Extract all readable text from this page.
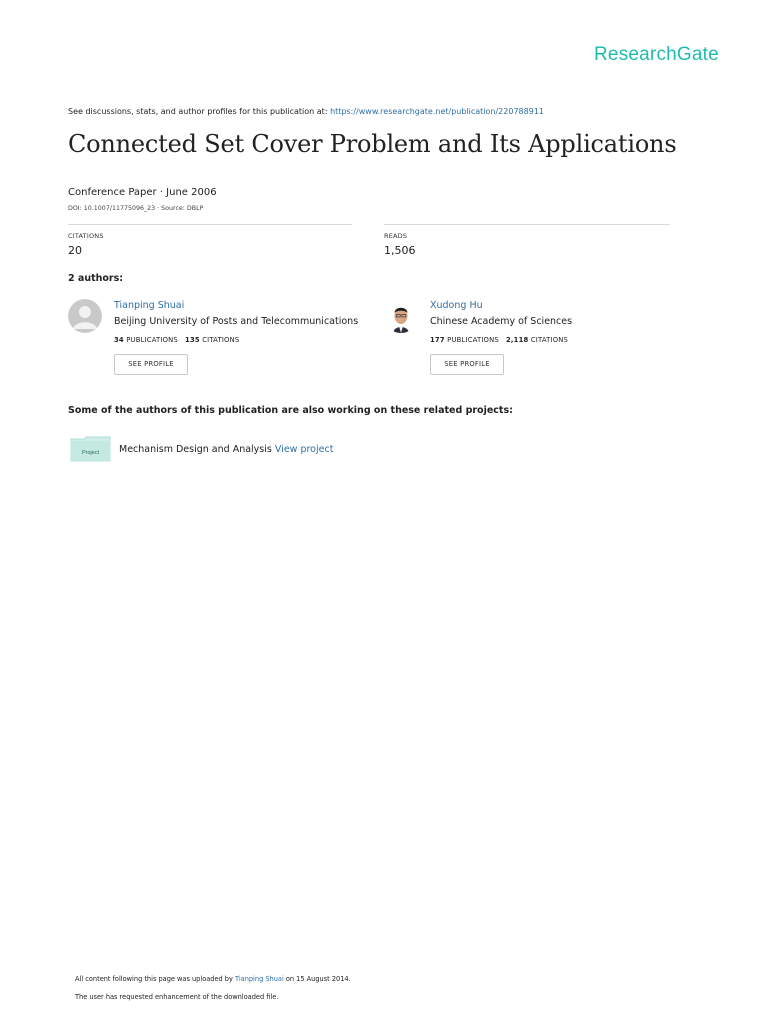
ResearchGate
See discussions, stats, and author profiles for this publication at: https://www.researchgate.net/publication/220788911
Connected Set Cover Problem and Its Applications
Conference Paper · June 2006
DOI: 10.1007/11775096_23 · Source: DBLP
CITATIONS
20
READS
1,506
2 authors:
Tianping Shuai
Beijing University of Posts and Telecommunications
34 PUBLICATIONS 135 CITATIONS
SEE PROFILE
Xudong Hu
Chinese Academy of Sciences
177 PUBLICATIONS 2,118 CITATIONS
SEE PROFILE
Some of the authors of this publication are also working on these related projects:
Project Mechanism Design and Analysis View project
All content following this page was uploaded by Tianping Shuai on 15 August 2014.
The user has requested enhancement of the downloaded file.
